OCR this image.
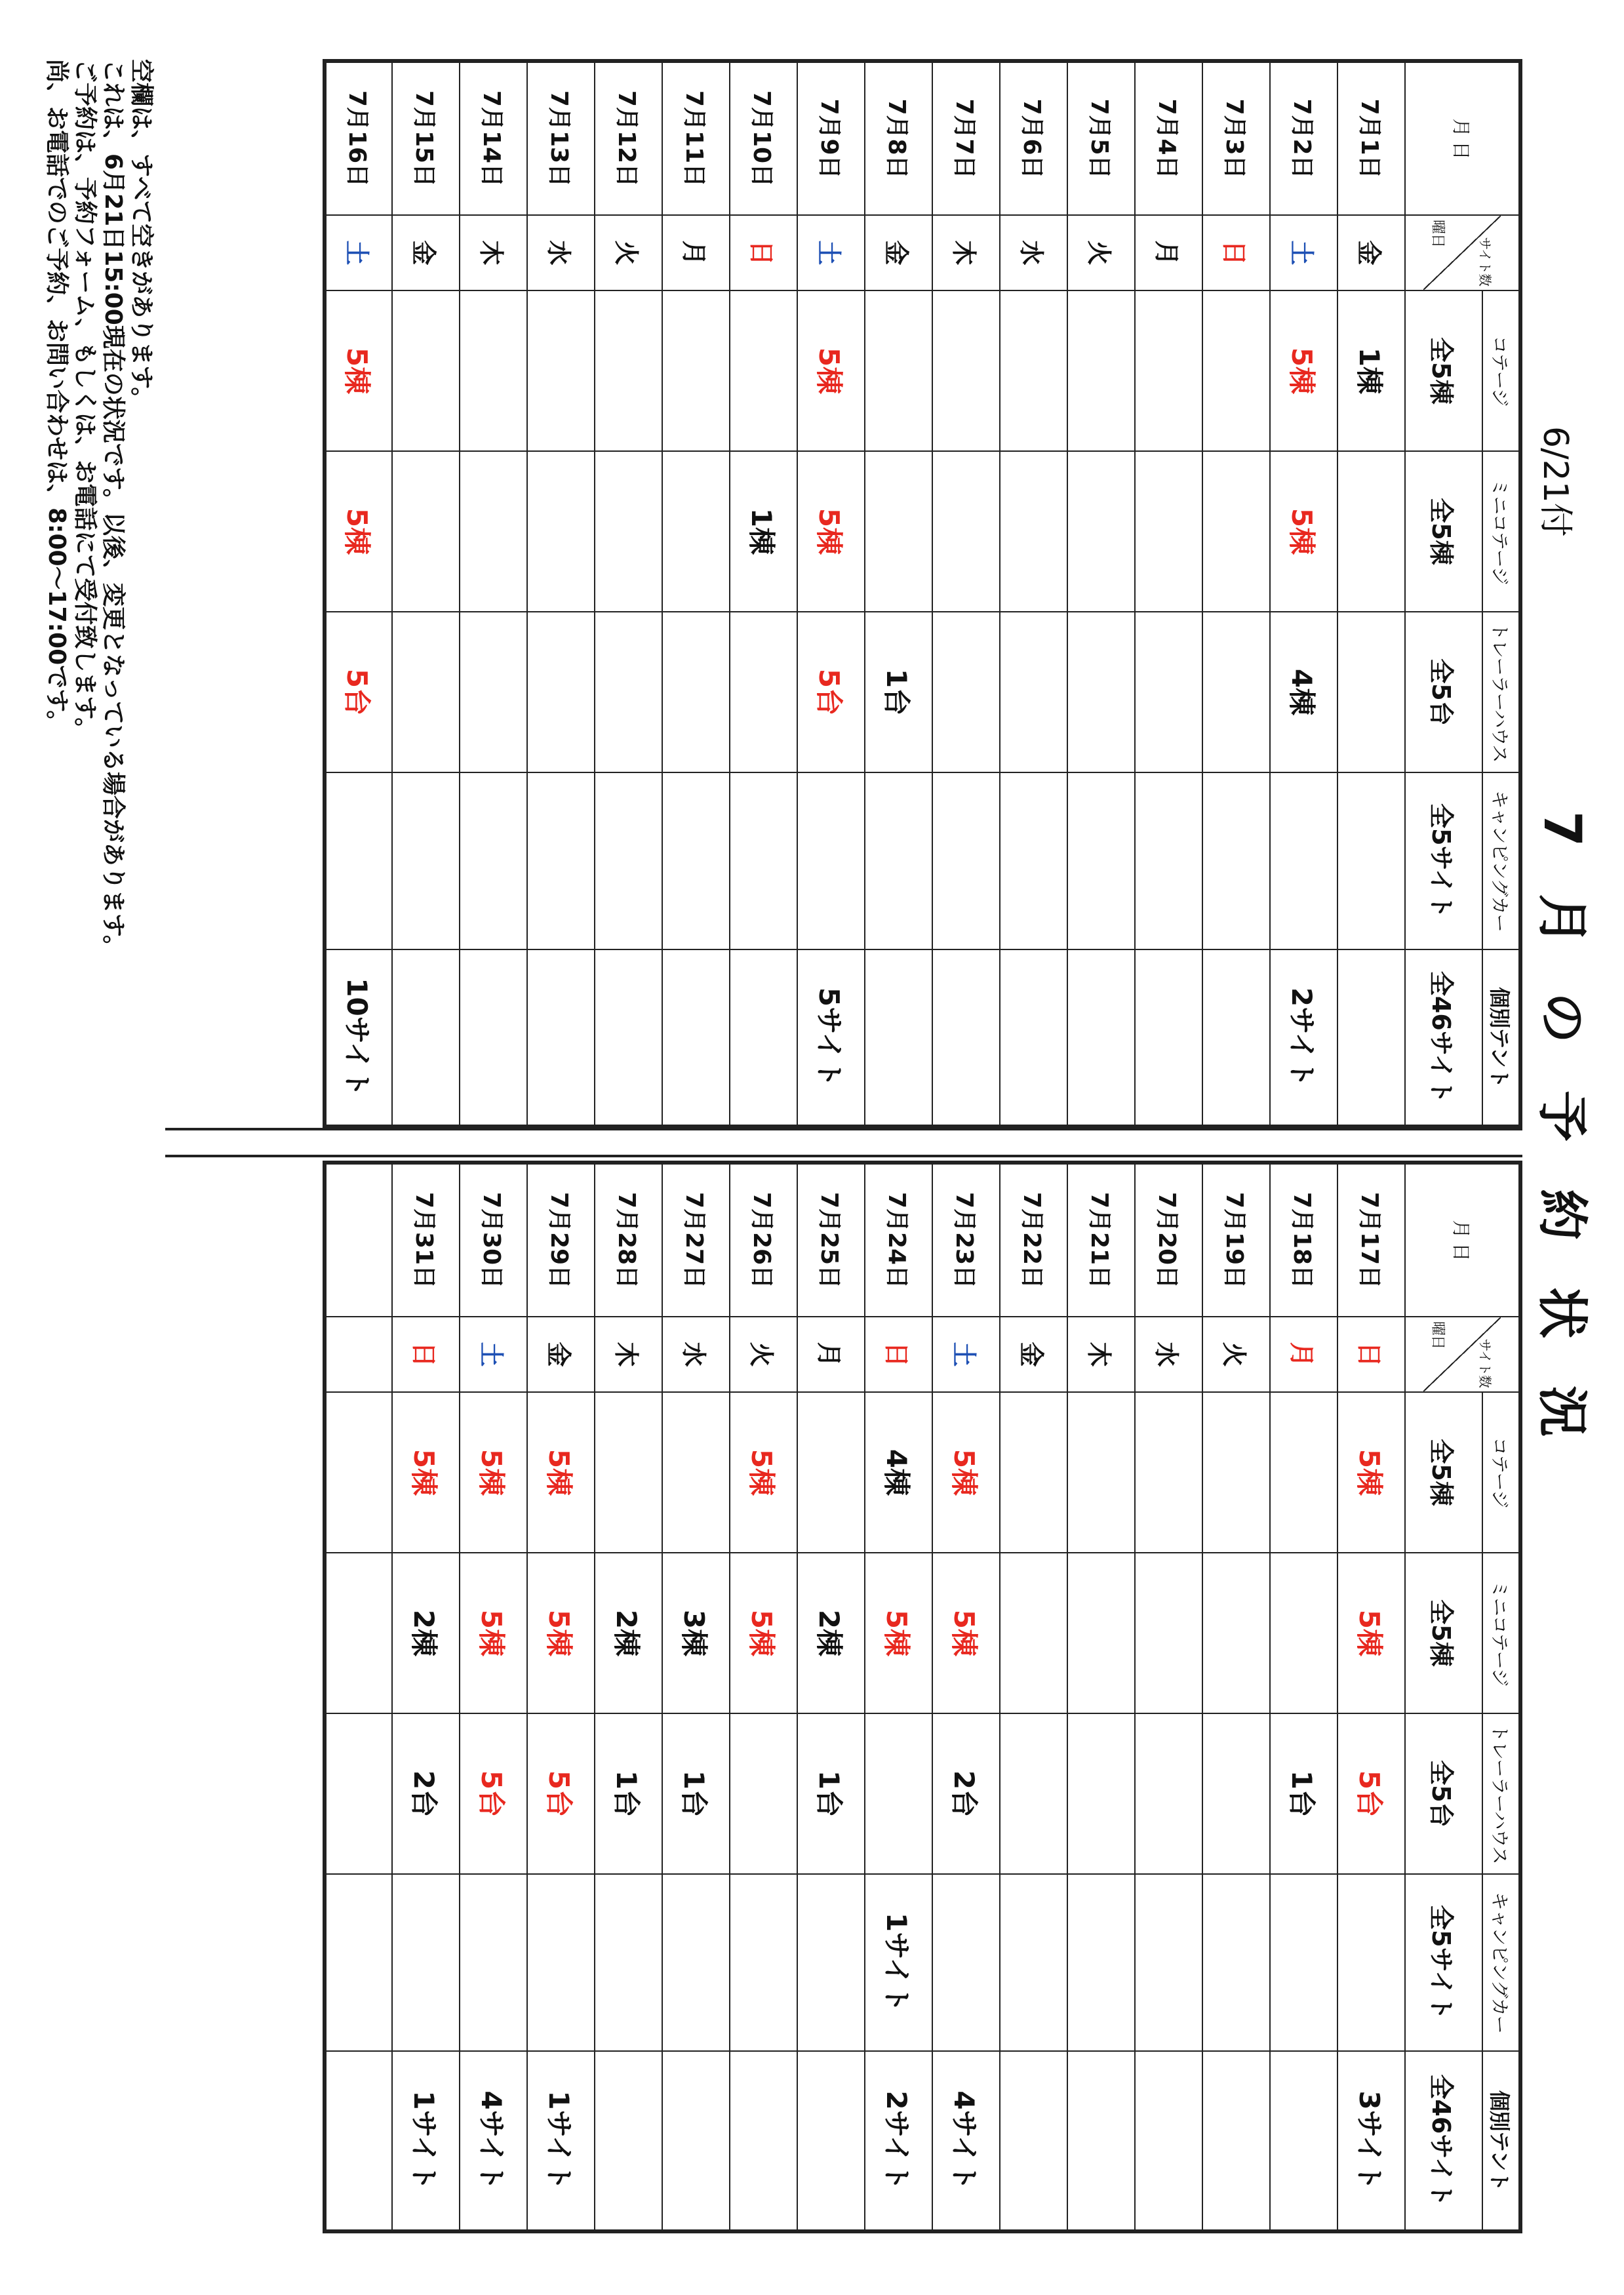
7月の予約状況
6/21付
月 日	サイト数
曜日	コテージ	ミニコテージ	トレーラーハウス	キャンピングカー	個別テント
		全5棟	全5棟	全5台	全5サイト	全46サイト
7月1日	金	1棟				
7月2日	土	5棟	5棟	4棟		2サイト
7月3日	日					
7月4日	月					
7月5日	火					
7月6日	水					
7月7日	木					
7月8日	金			1台		
7月9日	土	5棟	5棟	5台		5サイト
7月10日	日		1棟			
7月11日	月					
7月12日	火					
7月13日	水					
7月14日	木					
7月15日	金					
7月16日	土	5棟	5棟	5台		10サイト
月 日	サイト数
曜日	コテージ	ミニコテージ	トレーラーハウス	キャンピングカー	個別テント
		全5棟	全5棟	全5台	全5サイト	全46サイト
7月17日	日	5棟	5棟	5台		3サイト
7月18日	月			1台		
7月19日	火					
7月20日	水					
7月21日	木					
7月22日	金					
7月23日	土	5棟	5棟	2台		4サイト
7月24日	日	4棟	5棟		1サイト	2サイト
7月25日	月		2棟	1台		
7月26日	火	5棟	5棟			
7月27日	水		3棟	1台		
7月28日	木		2棟	1台		
7月29日	金	5棟	5棟	5台		1サイト
7月30日	土	5棟	5棟	5台		4サイト
7月31日	日	5棟	2棟	2台		1サイト

空欄は、すべて空きがあります。
これは、6月21日15:00現在の状況です。以後、変更となっている場合があります。
ご予約は、予約フォーム、もしくは、お電話にて受付致します。
尚、お電話でのご予約、お問い合わせは、8:00〜17:00です。
